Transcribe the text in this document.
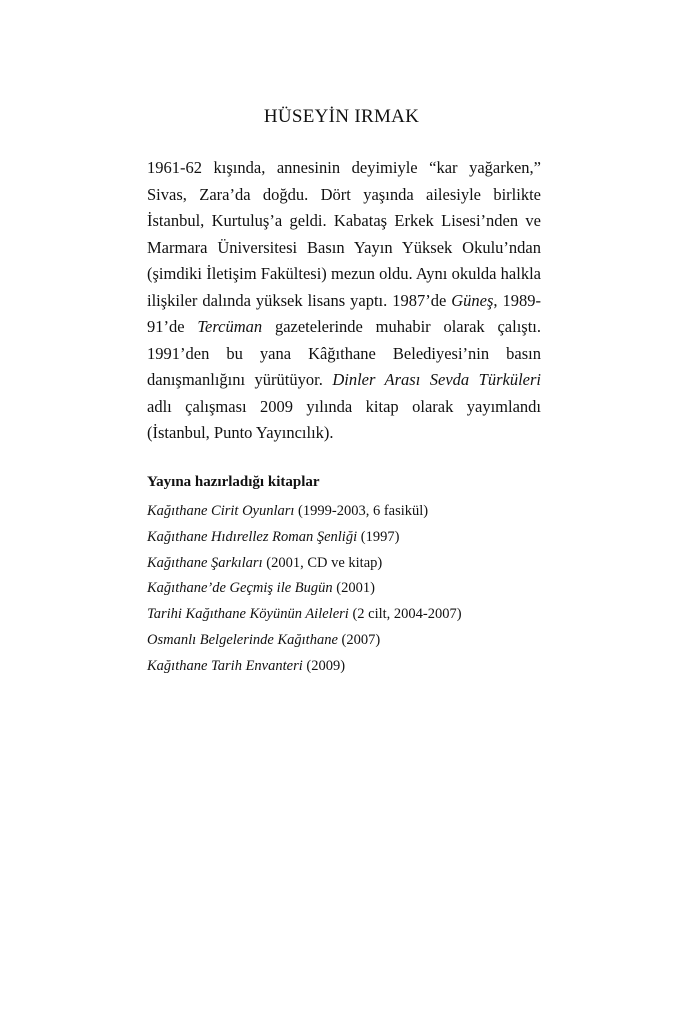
HÜSEYİN IRMAK

1961-62 kışında, annesinin deyimiyle “kar yağarken,” Sivas, Zara’da doğdu. Dört yaşında ailesiyle birlikte İstanbul, Kurtuluş’a geldi. Kabataş Erkek Lisesi’nden ve Marmara Üniversitesi Basın Yayın Yüksek Okulu’ndan (şimdiki İletişim Fakültesi) mezun oldu. Aynı okulda halkla ilişkiler dalında yüksek lisans yaptı. 1987’de Güneş, 1989-91’de Tercüman gazetelerinde muhabir olarak çalıştı. 1991’den bu yana Kâğıthane Belediyesi’nin basın danışmanlığını yürütüyor. Dinler Arası Sevda Türküleri adlı çalışması 2009 yılında kitap olarak yayımlandı (İstanbul, Punto Yayıncılık).

Yayına hazırladığı kitaplar
Kağıthane Cirit Oyunları (1999-2003, 6 fasikül)
Kağıthane Hıdırellez Roman Şenliği (1997)
Kağıthane Şarkıları (2001, CD ve kitap)
Kağıthane’de Geçmiş ile Bugün (2001)
Tarihi Kağıthane Köyünün Aileleri (2 cilt, 2004-2007)
Osmanlı Belgelerinde Kağıthane (2007)
Kağıthane Tarih Envanteri (2009)
